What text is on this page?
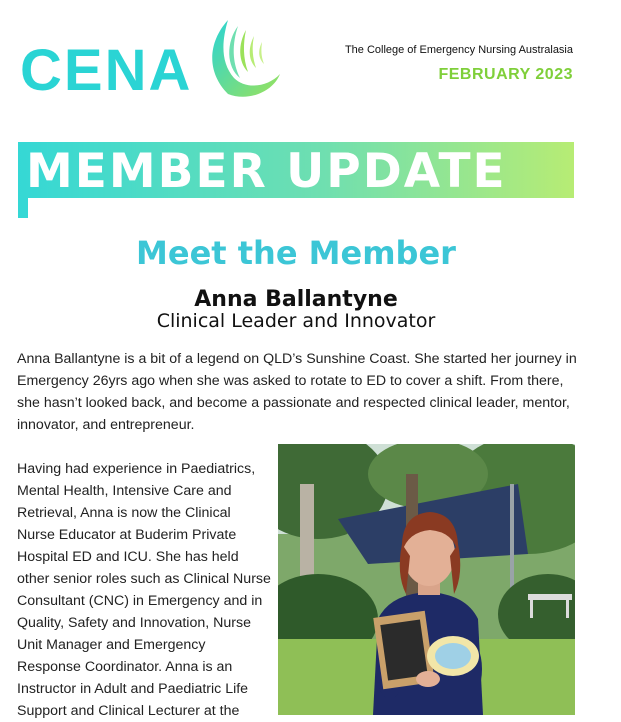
CENA	The College of Emergency Nursing Australasia
FEBRUARY 2023
MEMBER UPDATE
Meet the Member
Anna Ballantyne
Clinical Leader and Innovator

Anna Ballantyne is a bit of a legend on QLD’s Sunshine Coast. She started her journey in Emergency 26yrs ago when she was asked to rotate to ED to cover a shift. From there, she hasn’t looked back, and become a passionate and respected clinical leader, mentor, innovator, and entrepreneur.

Having had experience in Paediatrics, Mental Health, Intensive Care and Retrieval, Anna is now the Clinical Nurse Educator at Buderim Private Hospital ED and ICU. She has held other senior roles such as Clinical Nurse Consultant (CNC) in Emergency and in Quality, Safety and Innovation, Nurse Unit Manager and Emergency Response Coordinator. Anna is an Instructor in Adult and Paediatric Life Support and Clinical Lecturer at the
